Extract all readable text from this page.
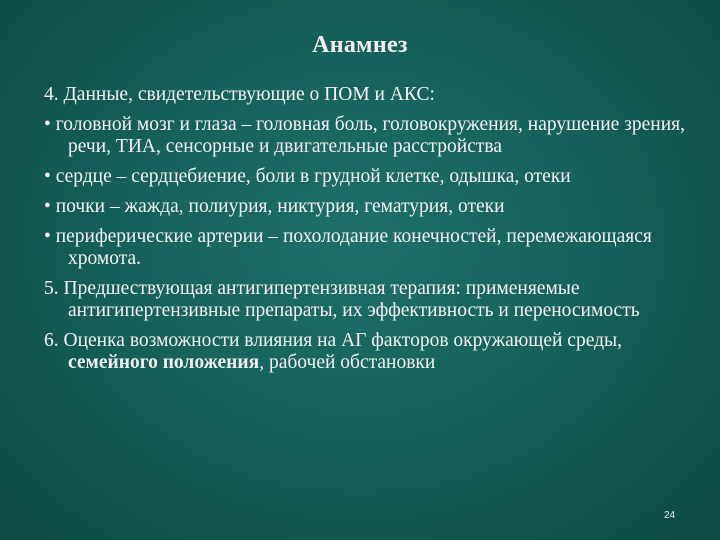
Анамнез
4. Данные, свидетельствующие о ПОМ и АКС:
• головной мозг и глаза – головная боль, головокружения, нарушение зрения, речи, ТИА, сенсорные и двигательные расстройства
• сердце – сердцебиение, боли в грудной клетке, одышка, отеки
• почки – жажда, полиурия, никтурия, гематурия, отеки
• периферические артерии – похолодание конечностей, перемежающаяся хромота.
5. Предшествующая антигипертензивная терапия: применяемые антигипертензивные препараты, их эффективность и переносимость
6. Оценка возможности влияния на АГ факторов окружающей среды, семейного положения, рабочей обстановки
24
